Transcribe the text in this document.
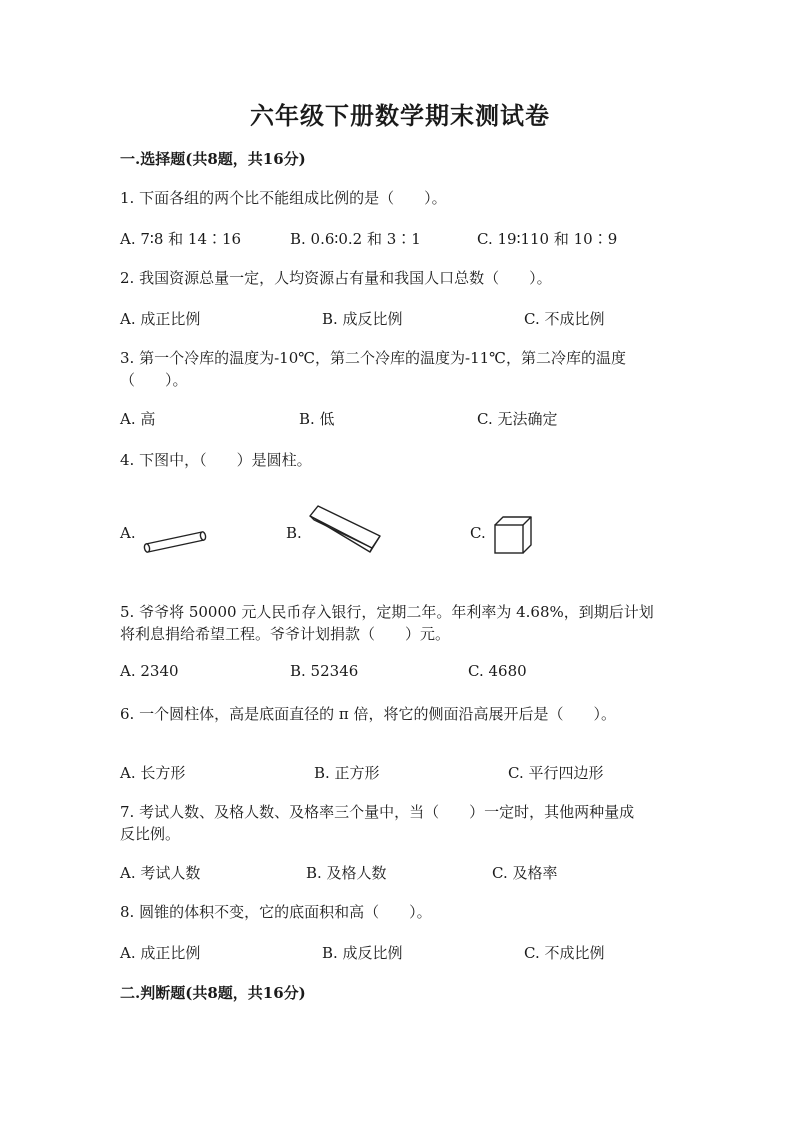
六年级下册数学期末测试卷
一.选择题(共8题，共16分)
1. 下面各组的两个比不能组成比例的是（　　）。
A. 7∶8 和 14∶16	B. 0.6∶0.2 和 3∶1	C. 19∶110 和 10∶9
2. 我国资源总量一定，人均资源占有量和我国人口总数（　　）。
A. 成正比例	B. 成反比例	C. 不成比例
3. 第一个冷库的温度为-10℃，第二个冷库的温度为-11℃，第二冷库的温度
（　　）。
A. 高	B. 低	C. 无法确定
4. 下图中，（　　）是圆柱。
A.	B.	C.
5. 爷爷将 50000 元人民币存入银行，定期二年。年利率为 4.68%，到期后计划
将利息捐给希望工程。爷爷计划捐款（　　）元。
A. 2340	B. 52346	C. 4680
6. 一个圆柱体，高是底面直径的 π 倍，将它的侧面沿高展开后是（　　）。
A. 长方形	B. 正方形	C. 平行四边形
7. 考试人数、及格人数、及格率三个量中，当（　　）一定时，其他两种量成
反比例。
A. 考试人数	B. 及格人数	C. 及格率
8. 圆锥的体积不变，它的底面积和高（　　）。
A. 成正比例	B. 成反比例	C. 不成比例
二.判断题(共8题，共16分)
